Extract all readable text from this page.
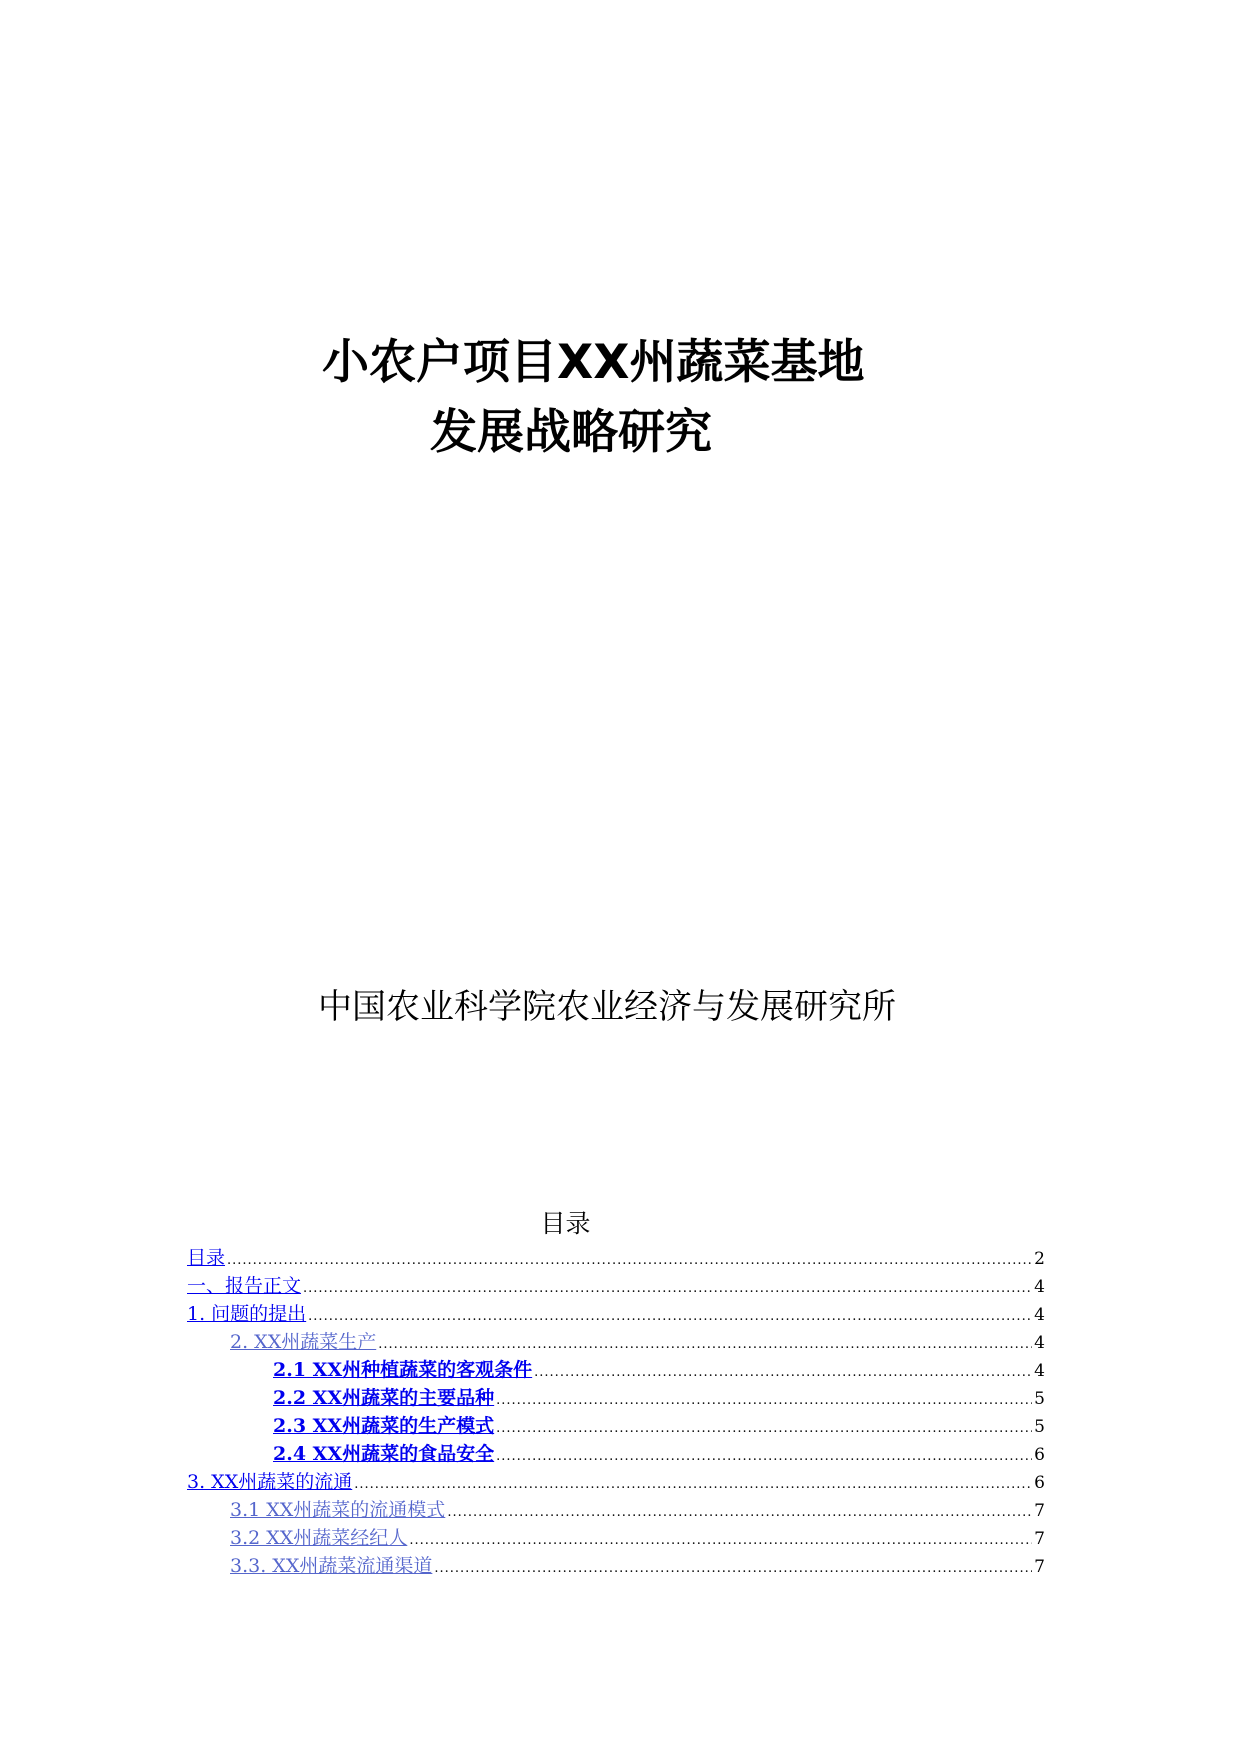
小农户项目XX州蔬菜基地
发展战略研究
中国农业科学院农业经济与发展研究所
目录
目录 .....	2
一、报告正文 .....	4
1. 问题的提出 .....	4
2. XX州蔬菜生产 .....	4
2.1 XX州种植蔬菜的客观条件 .....	4
2.2 XX州蔬菜的主要品种 .....	5
2.3 XX州蔬菜的生产模式 .....	5
2.4 XX州蔬菜的食品安全 .....	6
3. XX州蔬菜的流通 .....	6
3.1 XX州蔬菜的流通模式 .....	7
3.2 XX州蔬菜经纪人 .....	7
3.3. XX州蔬菜流通渠道 .....	7
